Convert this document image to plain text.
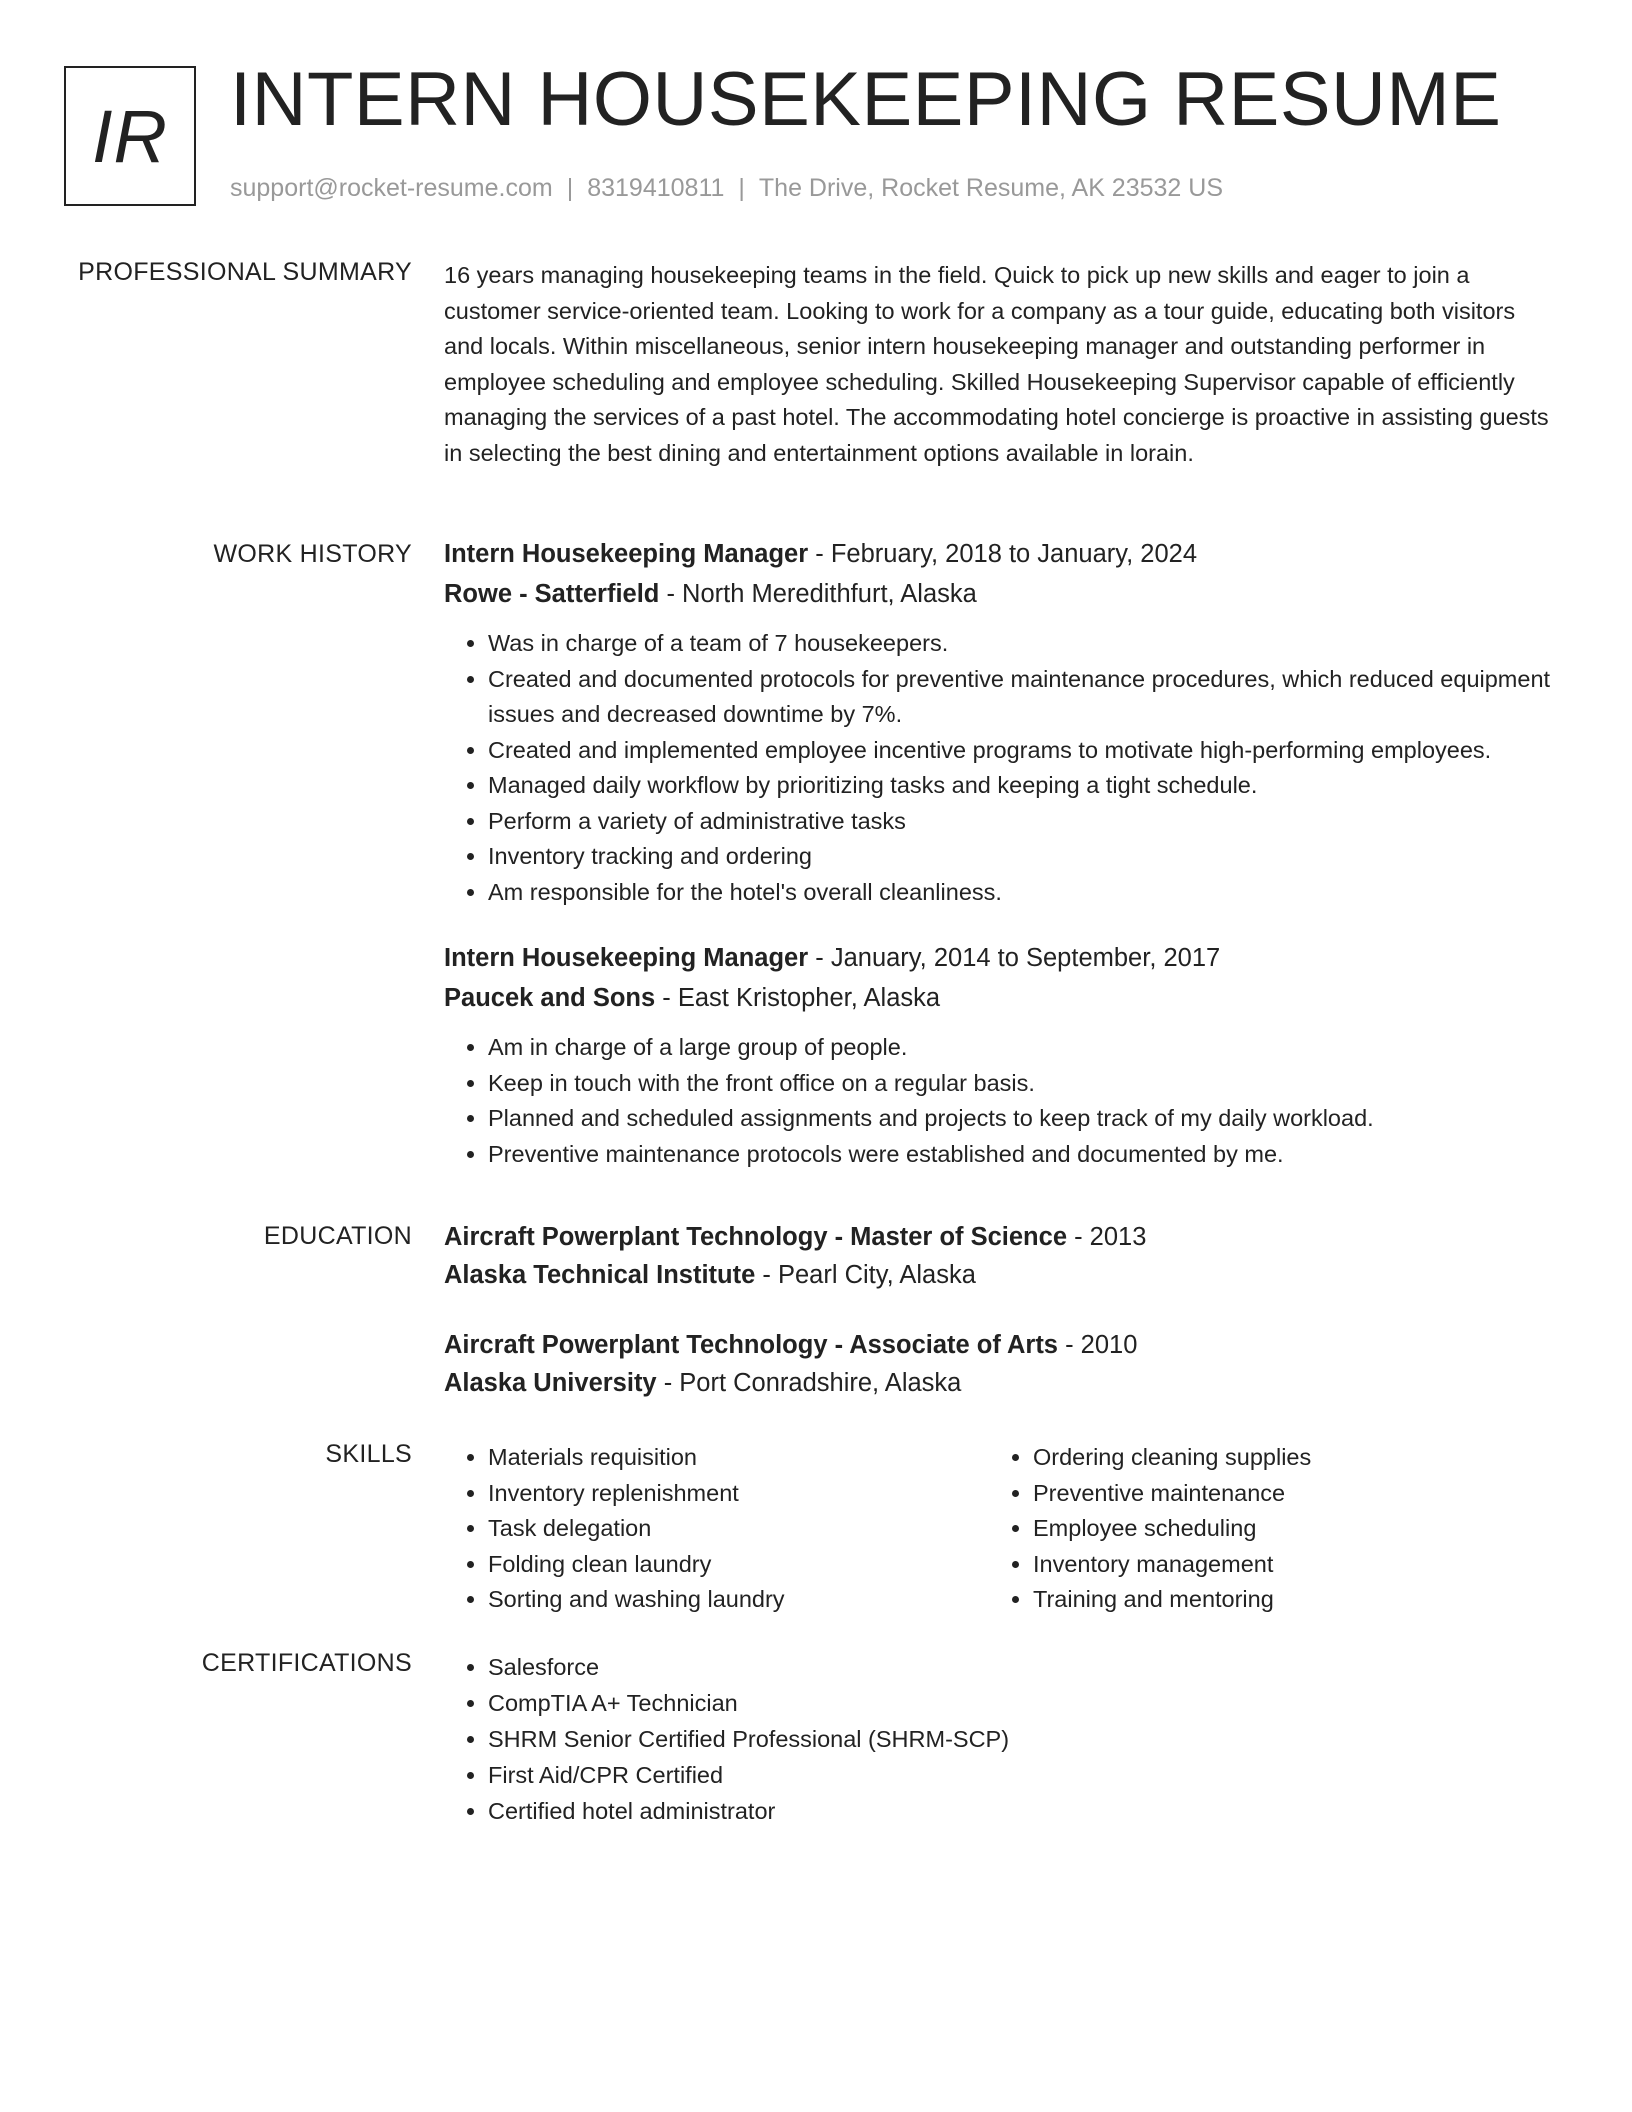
IR INTERN HOUSEKEEPING RESUME
support@rocket-resume.com | 8319410811 | The Drive, Rocket Resume, AK 23532 US
PROFESSIONAL SUMMARY 16 years managing housekeeping teams in the field. Quick to pick up new skills and eager to join a customer service-oriented team. Looking to work for a company as a tour guide, educating both visitors and locals. Within miscellaneous, senior intern housekeeping manager and outstanding performer in employee scheduling and employee scheduling. Skilled Housekeeping Supervisor capable of efficiently managing the services of a past hotel. The accommodating hotel concierge is proactive in assisting guests in selecting the best dining and entertainment options available in lorain.

WORK HISTORY Intern Housekeeping Manager - February, 2018 to January, 2024
Rowe - Satterfield - North Meredithfurt, Alaska
• Was in charge of a team of 7 housekeepers.
• Created and documented protocols for preventive maintenance procedures, which reduced equipment issues and decreased downtime by 7%.
• Created and implemented employee incentive programs to motivate high-performing employees.
• Managed daily workflow by prioritizing tasks and keeping a tight schedule.
• Perform a variety of administrative tasks
• Inventory tracking and ordering
• Am responsible for the hotel's overall cleanliness.
Intern Housekeeping Manager - January, 2014 to September, 2017
Paucek and Sons - East Kristopher, Alaska
• Am in charge of a large group of people.
• Keep in touch with the front office on a regular basis.
• Planned and scheduled assignments and projects to keep track of my daily workload.
• Preventive maintenance protocols were established and documented by me.
EDUCATION Aircraft Powerplant Technology - Master of Science - 2013
Alaska Technical Institute - Pearl City, Alaska
Aircraft Powerplant Technology - Associate of Arts - 2010
Alaska University - Port Conradshire, Alaska
SKILLS	• Materials requisition
• Inventory replenishment
• Task delegation
• Folding clean laundry
• Sorting and washing laundry
• Ordering cleaning supplies
• Preventive maintenance
• Employee scheduling
• Inventory management
• Training and mentoring
CERTIFICATIONS	• Salesforce
• CompTIA A+ Technician
• SHRM Senior Certified Professional (SHRM-SCP)
• First Aid/CPR Certified
• Certified hotel administrator
